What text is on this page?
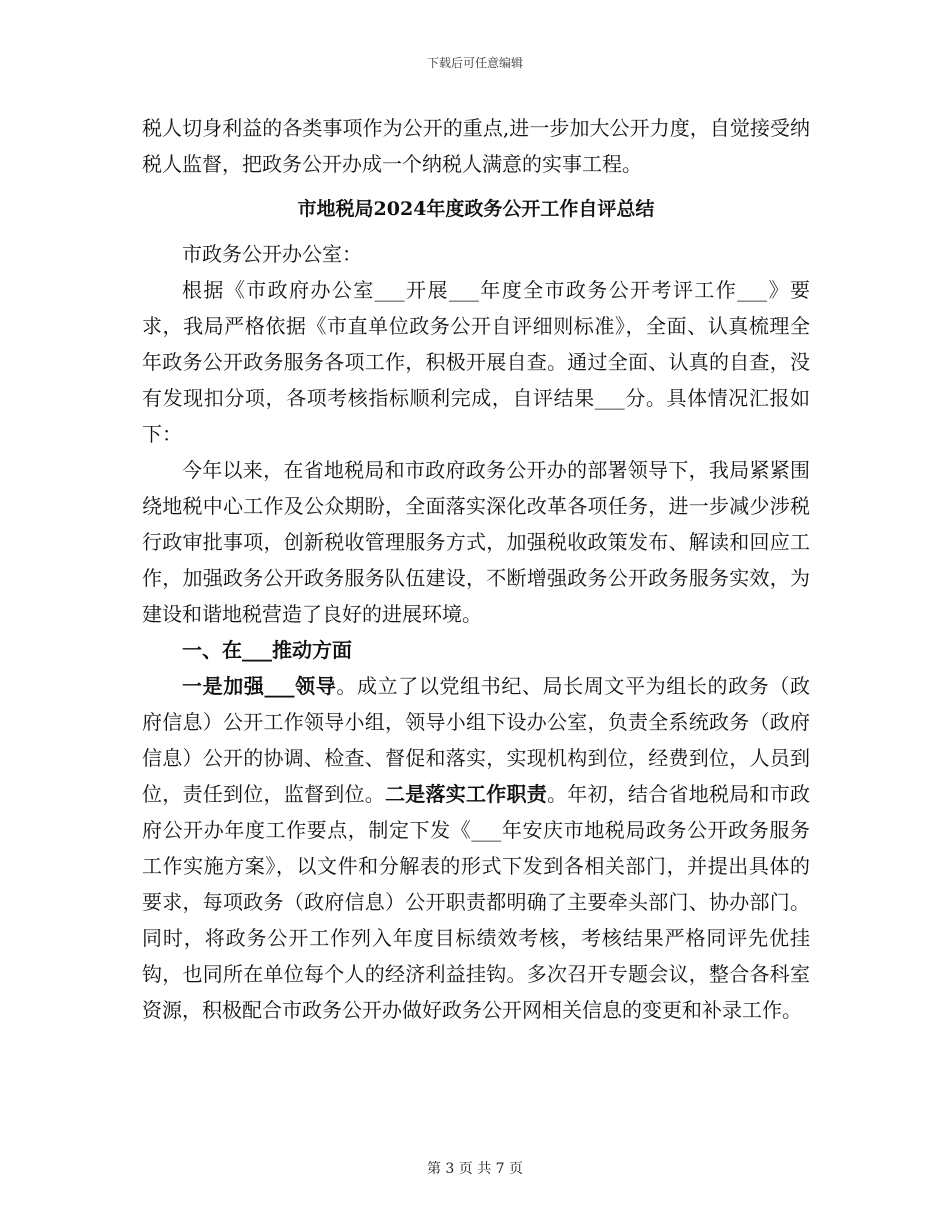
下载后可任意编辑

税人切身利益的各类事项作为公开的重点,进一步加大公开力度，自觉接受纳税人监督，把政务公开办成一个纳税人满意的实事工程。

市地税局2024年度政务公开工作自评总结

市政务公开办公室：

根据《市政府办公室___开展___年度全市政务公开考评工作___》要求，我局严格依据《市直单位政务公开自评细则标准》，全面、认真梳理全年政务公开政务服务各项工作，积极开展自查。通过全面、认真的自查，没有发现扣分项，各项考核指标顺利完成，自评结果___分。具体情况汇报如下：

今年以来，在省地税局和市政府政务公开办的部署领导下，我局紧紧围绕地税中心工作及公众期盼，全面落实深化改革各项任务，进一步减少涉税行政审批事项，创新税收管理服务方式，加强税收政策发布、解读和回应工作，加强政务公开政务服务队伍建设，不断增强政务公开政务服务实效，为建设和谐地税营造了良好的进展环境。

一、在___推动方面

一是加强___领导。成立了以党组书纪、局长周文平为组长的政务（政府信息）公开工作领导小组，领导小组下设办公室，负责全系统政务（政府信息）公开的协调、检查、督促和落实，实现机构到位，经费到位，人员到位，责任到位，监督到位。二是落实工作职责。年初，结合省地税局和市政府公开办年度工作要点，制定下发《___年安庆市地税局政务公开政务服务工作实施方案》，以文件和分解表的形式下发到各相关部门，并提出具体的要求，每项政务（政府信息）公开职责都明确了主要牵头部门、协办部门。同时，将政务公开工作列入年度目标绩效考核，考核结果严格同评先优挂钩，也同所在单位每个人的经济利益挂钩。多次召开专题会议，整合各科室资源，积极配合市政务公开办做好政务公开网相关信息的变更和补录工作。

第 3 页 共 7 页
